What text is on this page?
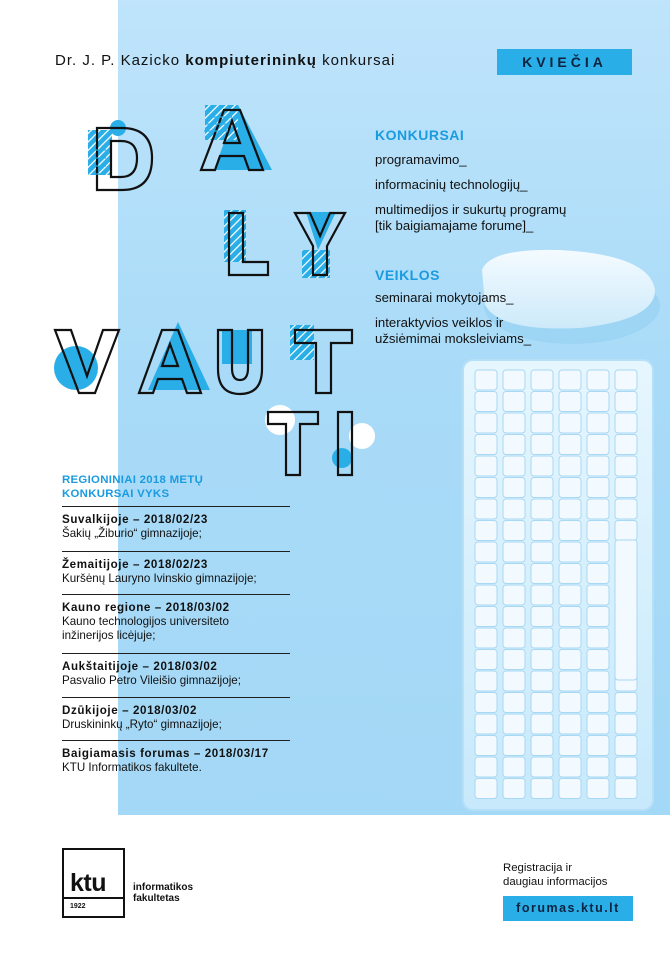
Dr. J. P. Kazicko kompiuterininkų konkursai	KVIEČIA
KONKURSAI
programavimo_
informacinių technologijų_
multimedijos ir sukurtų programų
[tik baigiamajame forume]_
VEIKLOS
seminarai mokytojams_
interaktyvios veiklos ir
užsiėmimai moksleiviams_
REGIONINIAI 2018 METŲ
KONKURSAI VYKS
Suvalkijoje – 2018/02/23
Šakių „Žiburio“ gimnazijoje;
Žemaitijoje – 2018/02/23
Kuršėnų Lauryno Ivinskio gimnazijoje;
Kauno regione – 2018/03/02
Kauno technologijos universiteto
inžinerijos licėjuje;
Aukštaitijoje – 2018/03/02
Pasvalio Petro Vileišio gimnazijoje;
Dzūkijoje – 2018/03/02
Druskininkų „Ryto“ gimnazijoje;
Baigiamasis forumas – 2018/03/17
KTU Informatikos fakultete.
ktu
1922
informatikos
fakultetas
Registracija ir
daugiau informacijos
forumas.ktu.lt
